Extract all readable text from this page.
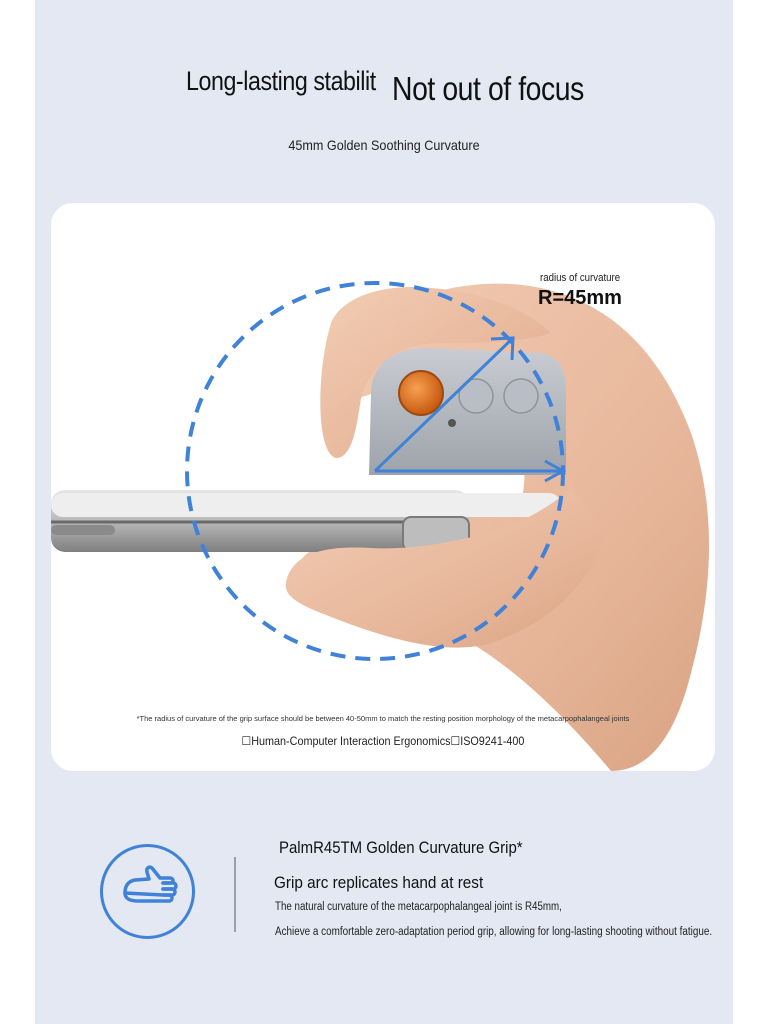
Long-lasting stabilit Not out of focus
45mm Golden Soothing Curvature
radius of curvature
R=45mm
*The radius of curvature of the grip surface should be between 40-50mm to match the resting position morphology of the metacarpophalangeal joints
☐Human-Computer Interaction Ergonomics☐ISO9241-400
PalmR45TM Golden Curvature Grip*
Grip arc replicates hand at rest
The natural curvature of the metacarpophalangeal joint is R45mm,
Achieve a comfortable zero-adaptation period grip, allowing for long-lasting shooting without fatigue.
